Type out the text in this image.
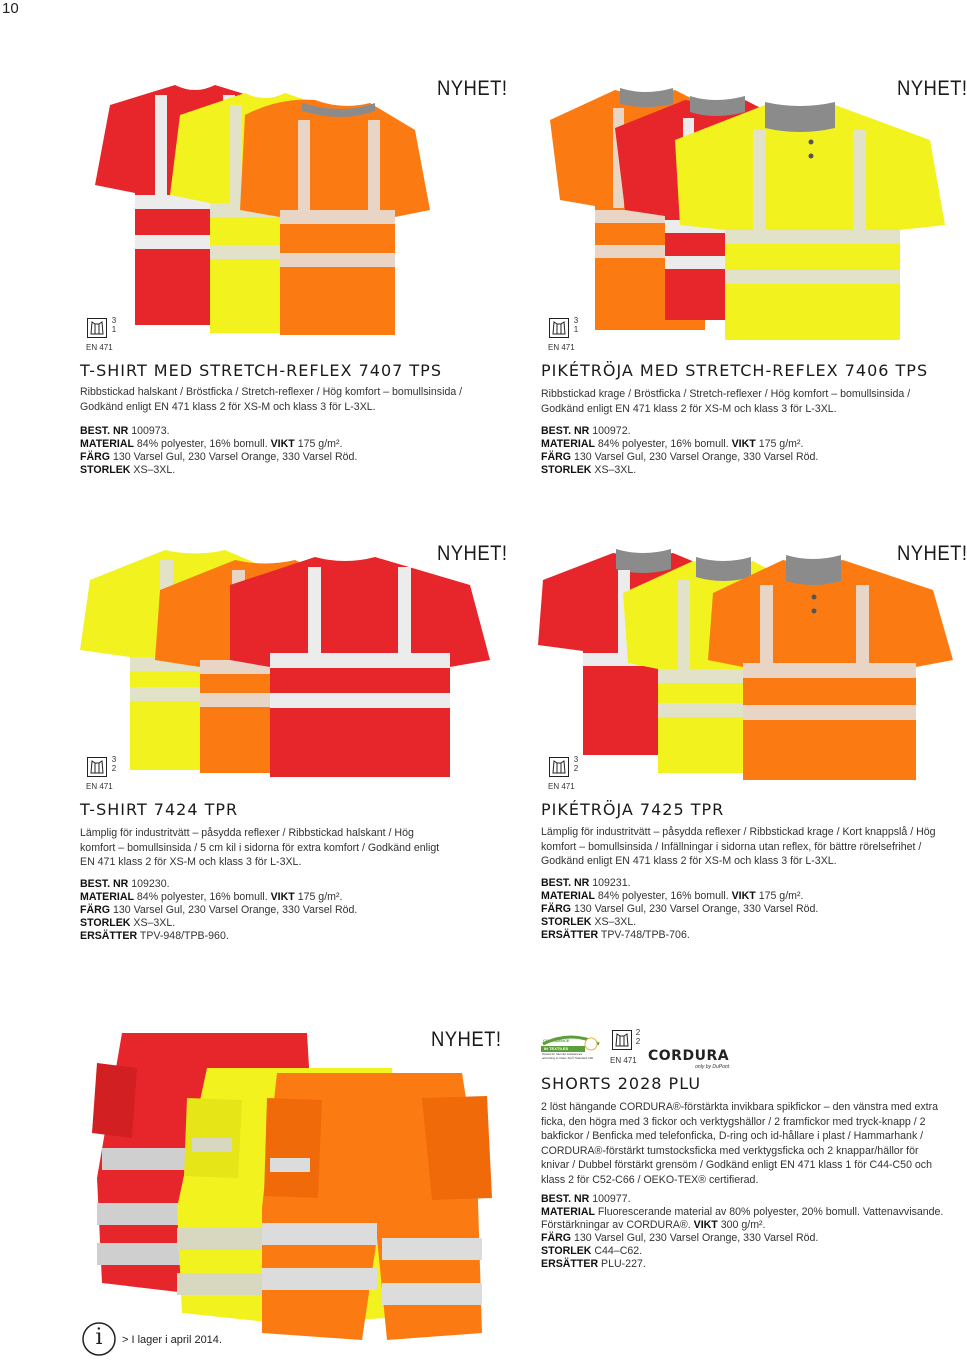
10
NYHET!
3
1
EN 471
T-SHIRT MED STRETCH-REFLEX 7407 TPS
Ribbstickad halskant / Bröstficka / Stretch-reflexer / Hög komfort – bomullsinsida / Godkänd enligt EN 471 klass 2 för XS-M och klass 3 för L-3XL.
BEST. NR 100973.
MATERIAL 84% polyester, 16% bomull. VIKT 175 g/m².
FÄRG 130 Varsel Gul, 230 Varsel Orange, 330 Varsel Röd.
STORLEK XS–3XL.
NYHET!
3
1
EN 471
PIKÉTRÖJA MED STRETCH-REFLEX 7406 TPS
Ribbstickad krage / Bröstficka / Stretch-reflexer / Hög komfort – bomullsinsida / Godkänd enligt EN 471 klass 2 för XS-M och klass 3 för L-3XL.
BEST. NR 100972.
MATERIAL 84% polyester, 16% bomull. VIKT 175 g/m².
FÄRG 130 Varsel Gul, 230 Varsel Orange, 330 Varsel Röd.
STORLEK XS–3XL.
NYHET!
3
2
EN 471
T-SHIRT 7424 TPR
Lämplig för industritvätt – påsydda reflexer / Ribbstickad halskant / Hög komfort – bomullsinsida / 5 cm kil i sidorna för extra komfort / Godkänd enligt EN 471 klass 2 för XS-M och klass 3 för L-3XL.
BEST. NR 109230.
MATERIAL 84% polyester, 16% bomull. VIKT 175 g/m².
FÄRG 130 Varsel Gul, 230 Varsel Orange, 330 Varsel Röd.
STORLEK XS–3XL.
ERSÄTTER TPV-948/TPB-960.
NYHET!
3
2
EN 471
PIKÉTRÖJA 7425 TPR
Lämplig för industritvätt – påsydda reflexer / Ribbstickad krage / Kort knappslå / Hög komfort – bomullsinsida / Infällningar i sidorna utan reflex, för bättre rörelsefrihet / Godkänd enligt EN 471 klass 2 för XS-M och klass 3 för L-3XL.
BEST. NR 109231.
MATERIAL 84% polyester, 16% bomull. VIKT 175 g/m².
FÄRG 130 Varsel Gul, 230 Varsel Orange, 330 Varsel Röd.
STORLEK XS–3XL.
ERSÄTTER TPV-748/TPB-706.
NYHET!	CONFIDENCE
IN TEXTILES
Tested for harmful substances
according to Oeko-Tex® Standard 100
2
2
EN 471 CORDURA
only by DuPont
SHORTS 2028 PLU
2 löst hängande CORDURA®-förstärkta invikbara spikfickor – den vänstra med extra ficka, den högra med 3 fickor och verktygshällor / 2 framfickor med tryck-knapp / 2 bakfickor / Benficka med telefonficka, D-ring och id-hållare i plast / Hammarhank / CORDURA®-förstärkt tumstocksficka med verktygsficka och 2 knappar/hällor för knivar / Dubbel förstärkt grensöm / Godkänd enligt EN 471 klass 1 för C44-C50 och klass 2 för C52-C66 / OEKO-TEX® certifierad.
BEST. NR 100977.
MATERIAL Fluorescerande material av 80% polyester, 20% bomull. Vattenavvisande.
Förstärkningar av CORDURA®. VIKT 300 g/m².
FÄRG 130 Varsel Gul, 230 Varsel Orange, 330 Varsel Röd.
STORLEK C44–C62.
ERSÄTTER PLU-227.
i	> I lager i april 2014.
